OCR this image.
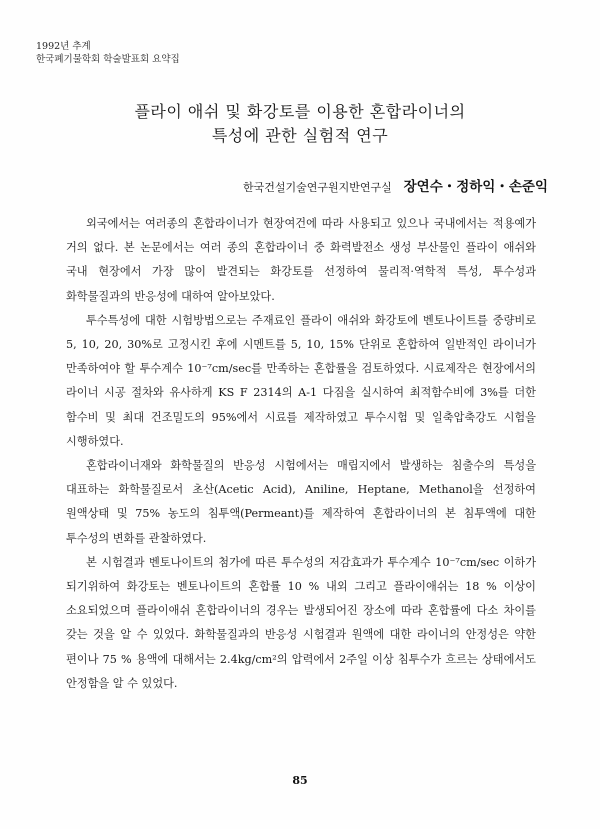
1992년 추계
한국폐기물학회 학술발표회 요약집
플라이 애쉬 및 화강토를 이용한 혼합라이너의
특성에 관한 실험적 연구
한국건설기술연구원지반연구실 장연수・정하익・손준익

외국에서는 여러종의 혼합라이너가 현장여건에 따라 사용되고 있으나 국내에서는 적용예가 거의 없다. 본 논문에서는 여러 종의 혼합라이너 중 화력발전소 생성 부산물인 플라이 애쉬와 국내 현장에서 가장 많이 발견되는 화강토를 선정하여 물리적·역학적 특성, 투수성과 화학물질과의 반응성에 대하여 알아보았다.

투수특성에 대한 시험방법으로는 주재료인 플라이 애쉬와 화강토에 벤토나이트를 중량비로 5, 10, 20, 30%로 고정시킨 후에 시멘트를 5, 10, 15% 단위로 혼합하여 일반적인 라이너가 만족하여야 할 투수계수 10⁻⁷cm/sec를 만족하는 혼합률을 검토하였다. 시료제작은 현장에서의 라이너 시공 절차와 유사하게 KS F 2314의 A-1 다짐을 실시하여 최적함수비에 3%를 더한 함수비 및 최대 건조밀도의 95%에서 시료를 제작하였고 투수시험 및 일축압축강도 시험을 시행하였다.

혼합라이너재와 화학물질의 반응성 시험에서는 매립지에서 발생하는 침출수의 특성을 대표하는 화학물질로서 초산(Acetic Acid), Aniline, Heptane, Methanol을 선정하여 원액상태 및 75% 농도의 침투액(Permeant)를 제작하여 혼합라이너의 본 침투액에 대한 투수성의 변화를 관찰하였다.

본 시험결과 벤토나이트의 첨가에 따른 투수성의 저감효과가 투수계수 10⁻⁷cm/sec 이하가 되기위하여 화강토는 벤토나이트의 혼합률 10 % 내외 그리고 플라이애쉬는 18 % 이상이 소요되었으며 플라이애쉬 혼합라이너의 경우는 발생되어진 장소에 따라 혼합률에 다소 차이를 갖는 것을 알 수 있었다. 화학물질과의 반응성 시험결과 원액에 대한 라이너의 안정성은 약한 편이나 75 % 용액에 대해서는 2.4kg/cm²의 압력에서 2주일 이상 침투수가 흐르는 상태에서도 안정함을 알 수 있었다.

85
